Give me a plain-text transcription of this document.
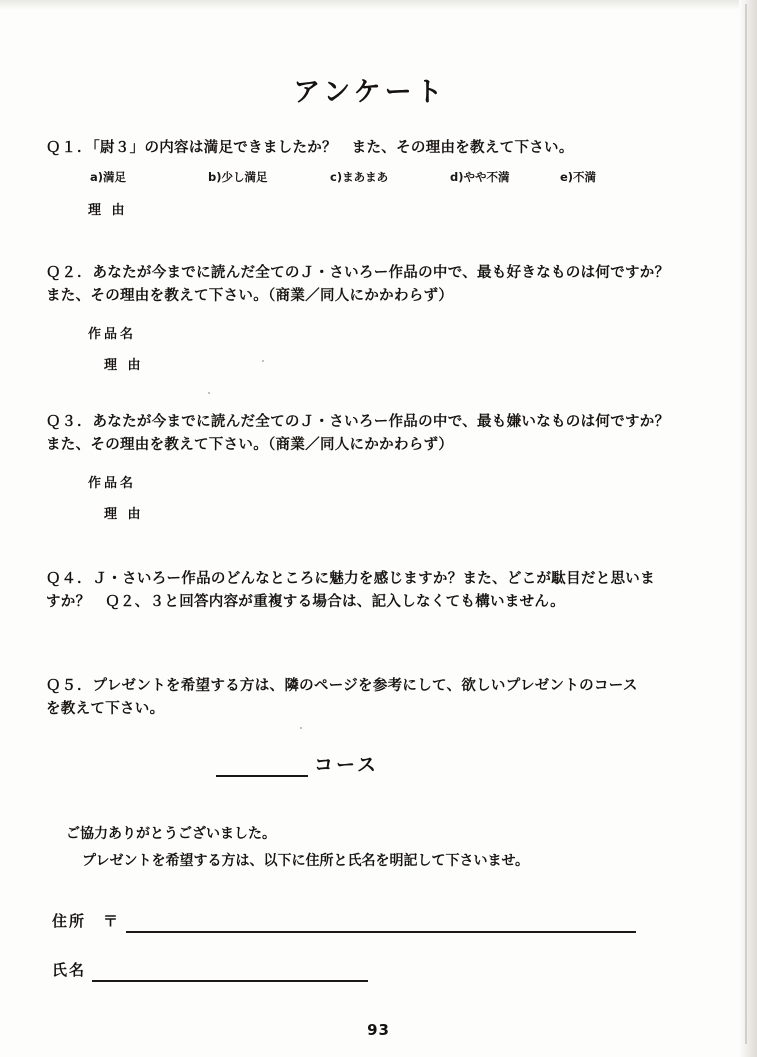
アンケート
Ｑ１．「尉３」の内容は満足できましたか？　また、その理由を教えて下さい。
a)満足	b)少し満足	c)まあまあ	d)やや不満	e)不満
理 由
Ｑ２．あなたが今までに読んだ全てのＪ・さいろー作品の中で、最も好きなものは何ですか？
また、その理由を教えて下さい。（商業／同人にかかわらず）
作品名
理 由
Ｑ３．あなたが今までに読んだ全てのＪ・さいろー作品の中で、最も嫌いなものは何ですか？
また、その理由を教えて下さい。（商業／同人にかかわらず）
作品名
理 由
Ｑ４．Ｊ・さいろー作品のどんなところに魅力を感じますか？また、どこが駄目だと思いま
すか？　Ｑ２、３と回答内容が重複する場合は、記入しなくても構いません。
Ｑ５．プレゼントを希望する方は、隣のページを参考にして、欲しいプレゼントのコース
を教えて下さい。
コース
ご協力ありがとうございました。
プレゼントを希望する方は、以下に住所と氏名を明記して下さいませ。
住所　〒
氏名
93
